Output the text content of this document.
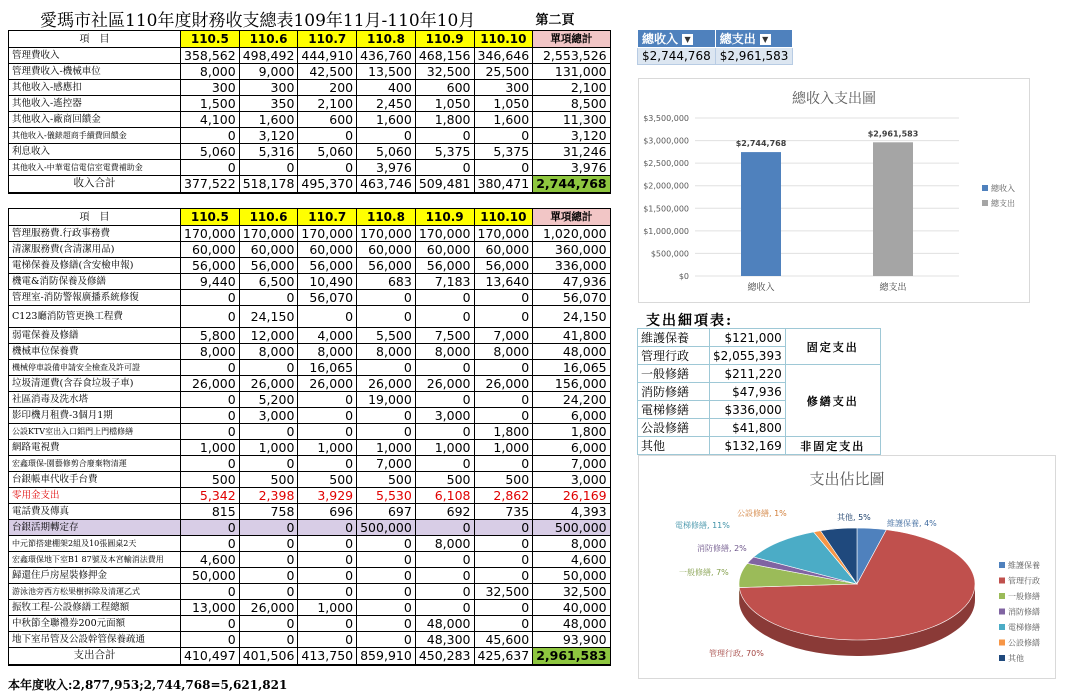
愛瑪市社區110年度財務收支總表109年11月-110年10月	第二頁
項　目	110.5	110.6	110.7	110.8	110.9	110.10	單項總計
管理費收入	358,562	498,492	444,910	436,760	468,156	346,646	2,553,526
管理費收入-機械車位	8,000	9,000	42,500	13,500	32,500	25,500	131,000
其他收入-感應扣	300	300	200	400	600	300	2,100
其他收入-遙控器	1,500	350	2,100	2,450	1,050	1,050	8,500
其他收入-廠商回饋金	4,100	1,600	600	1,600	1,800	1,600	11,300
其他收入-儀錶超商手續費回饋金	0	3,120	0	0	0	0	3,120
利息收入	5,060	5,316	5,060	5,060	5,375	5,375	31,246
其他收入-中華電信電信室電費補助金	0	0	0	3,976	0	0	3,976
收入合計	377,522	518,178	495,370	463,746	509,481	380,471	2,744,768
項　目	110.5	110.6	110.7	110.8	110.9	110.10	單項總計
管理服務費.行政事務費	170,000	170,000	170,000	170,000	170,000	170,000	1,020,000
清潔服務費(含清潔用品)	60,000	60,000	60,000	60,000	60,000	60,000	360,000
電梯保養及修繕(含安檢申報)	56,000	56,000	56,000	56,000	56,000	56,000	336,000
機電&消防保養及修繕	9,440	6,500	10,490	683	7,183	13,640	47,936
管理室-消防警報廣播系統修復	0	0	56,070	0	0	0	56,070
C123廳消防管更換工程費	0	24,150	0	0	0	0	24,150
弱電保養及修繕	5,800	12,000	4,000	5,500	7,500	7,000	41,800
機械車位保養費	8,000	8,000	8,000	8,000	8,000	8,000	48,000
機械停車設備申請安全檢查及許可證	0	0	16,065	0	0	0	16,065
垃圾清運費(含吞食垃圾子車)	26,000	26,000	26,000	26,000	26,000	26,000	156,000
社區消毒及洗水塔	0	5,200	0	19,000	0	0	24,200
影印機月租費-3個月1期	0	3,000	0	0	3,000	0	6,000
公設KTV室出入口鋁門上門檔修繕	0	0	0	0	0	1,800	1,800
網路電視費	1,000	1,000	1,000	1,000	1,000	1,000	6,000
宏鑫環保-園藝修剪合廢棄物清運	0	0	0	7,000	0	0	7,000
台銀帳車代收手台費	500	500	500	500	500	500	3,000
零用金支出	5,342	2,398	3,929	5,530	6,108	2,862	26,169
電話費及傳真	815	758	696	697	692	735	4,393
台銀活期轉定存	0	0	0	500,000	0	0	500,000
中元節搭建棚架2組及10張圓桌2天	0	0	0	0	8,000	0	8,000
宏鑫環保地下室B1 87號及本宮輸消法費用	4,600	0	0	0	0	0	4,600
歸還住戶房屋裝修押金	50,000	0	0	0	0	0	50,000
游泳池旁西方松果樹拆除及清運乙式	0	0	0	0	0	32,500	32,500
振牧工程-公設修繕工程總額	13,000	26,000	1,000	0	0	0	40,000
中秋節全聯禮券200元面額	0	0	0	0	48,000	0	48,000
地下室吊管及公設幹管保養疏通	0	0	0	0	48,300	45,600	93,900
支出合計	410,497	401,506	413,750	859,910	450,283	425,637	2,961,583
本年度收入:2,877,953;2,744,768=5,621,821
總收入 ▼	總支出 ▼
$2,744,768	$2,961,583
總收入支出圖
$0
$500,000
$1,000,000
$1,500,000
$2,000,000
$2,500,000
$3,000,000
$3,500,000
$2,744,768
總收入
$2,961,583
總支出
總收入
總支出
支出細項表:
維護保養	$121,000	固定支出
管理行政	$2,055,393	
一般修繕	$211,220	修繕支出
消防修繕	$47,936	
電梯修繕	$336,000	
公設修繕	$41,800	
其他	$132,169	非固定支出
支出佔比圖
維護保養, 4%
管理行政, 70%
一般修繕, 7%
消防修繕, 2%
電梯修繕, 11%
公設修繕, 1%	其他, 5%
維護保養
管理行政
一般修繕
消防修繕
電梯修繕
公設修繕
其他
